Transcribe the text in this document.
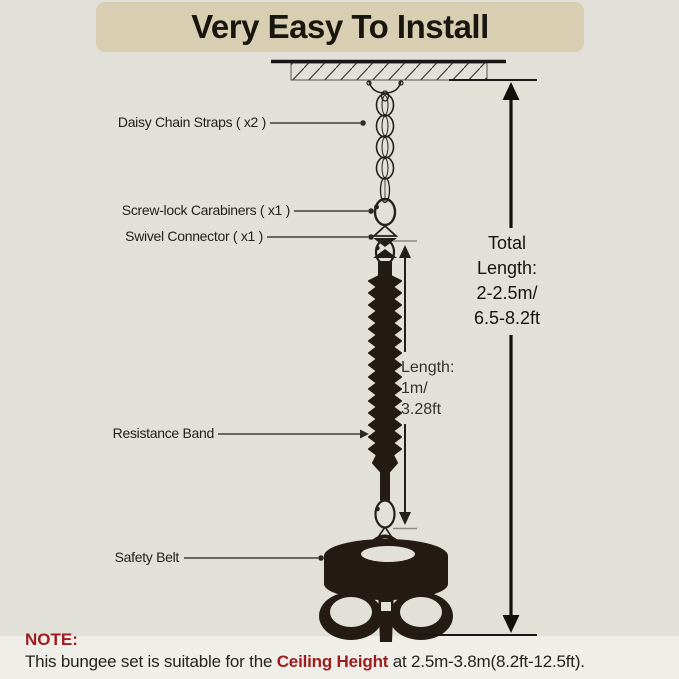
Very Easy To Install
Daisy Chain Straps ( x2 )
Screw-lock Carabiners ( x1 )
Swivel Connector ( x1 )
Resistance Band
Safety Belt
Total
Length:
2-2.5m/
6.5-8.2ft
Length:
1m/
3.28ft
NOTE:
This bungee set is suitable for the Ceiling Height at 2.5m-3.8m(8.2ft-12.5ft).
